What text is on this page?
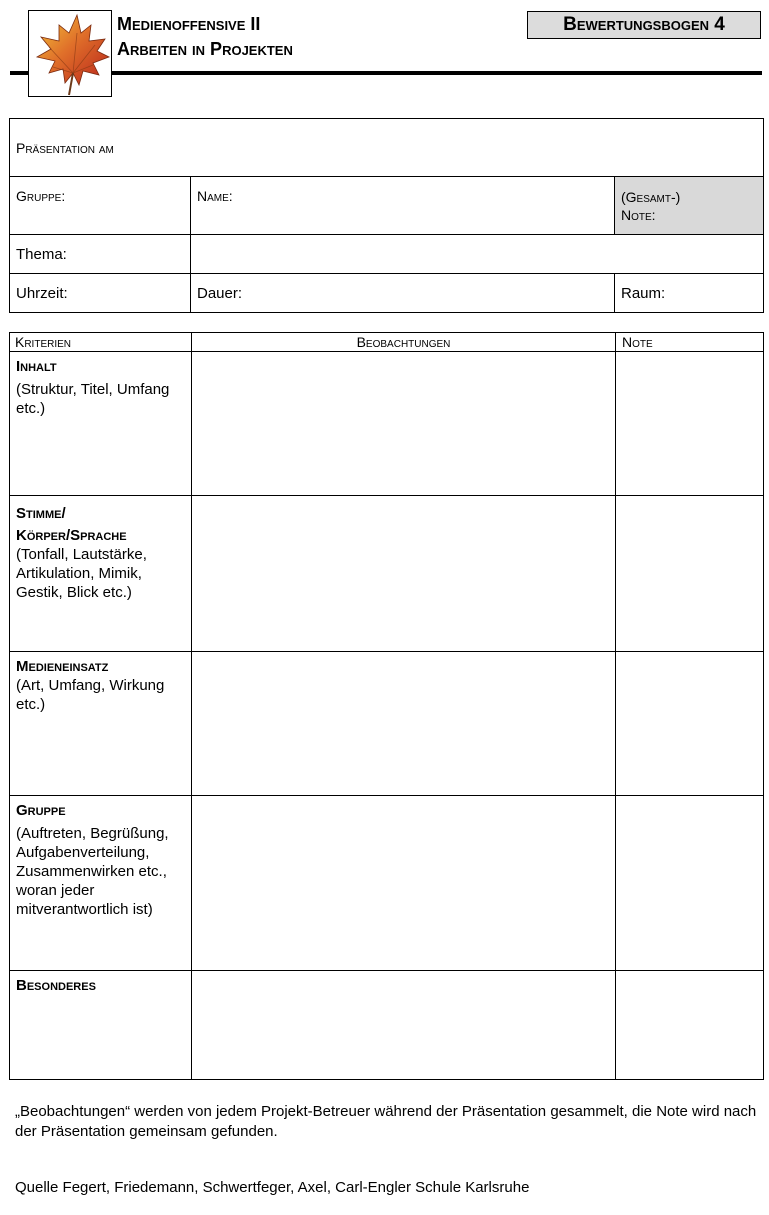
Medienoffensive II
Arbeiten in Projekten
Bewertungsbogen 4
Präsentation am		

Gruppe:	Name:	(Gesamt-)
Note:

Thema:		
Uhrzeit:	Dauer:	Raum:
Kriterien	Beobachtungen	Note

Inhalt
(Struktur, Titel, Umfang etc.)		

Stimme/
Körper/Sprache
(Tonfall, Lautstärke, Artikulation, Mimik, Gestik, Blick etc.)		

Medieneinsatz
(Art, Umfang, Wirkung etc.)		

Gruppe
(Auftreten, Begrüßung, Aufgabenverteilung, Zusammenwirken etc., woran jeder mitverantwortlich ist)		

Besonderes		

„Beobachtungen“ werden von jedem Projekt-Betreuer während der Präsentation gesammelt, die Note wird nach der Präsentation gemeinsam gefunden.
Quelle Fegert, Friedemann, Schwertfeger, Axel, Carl-Engler Schule Karlsruhe
